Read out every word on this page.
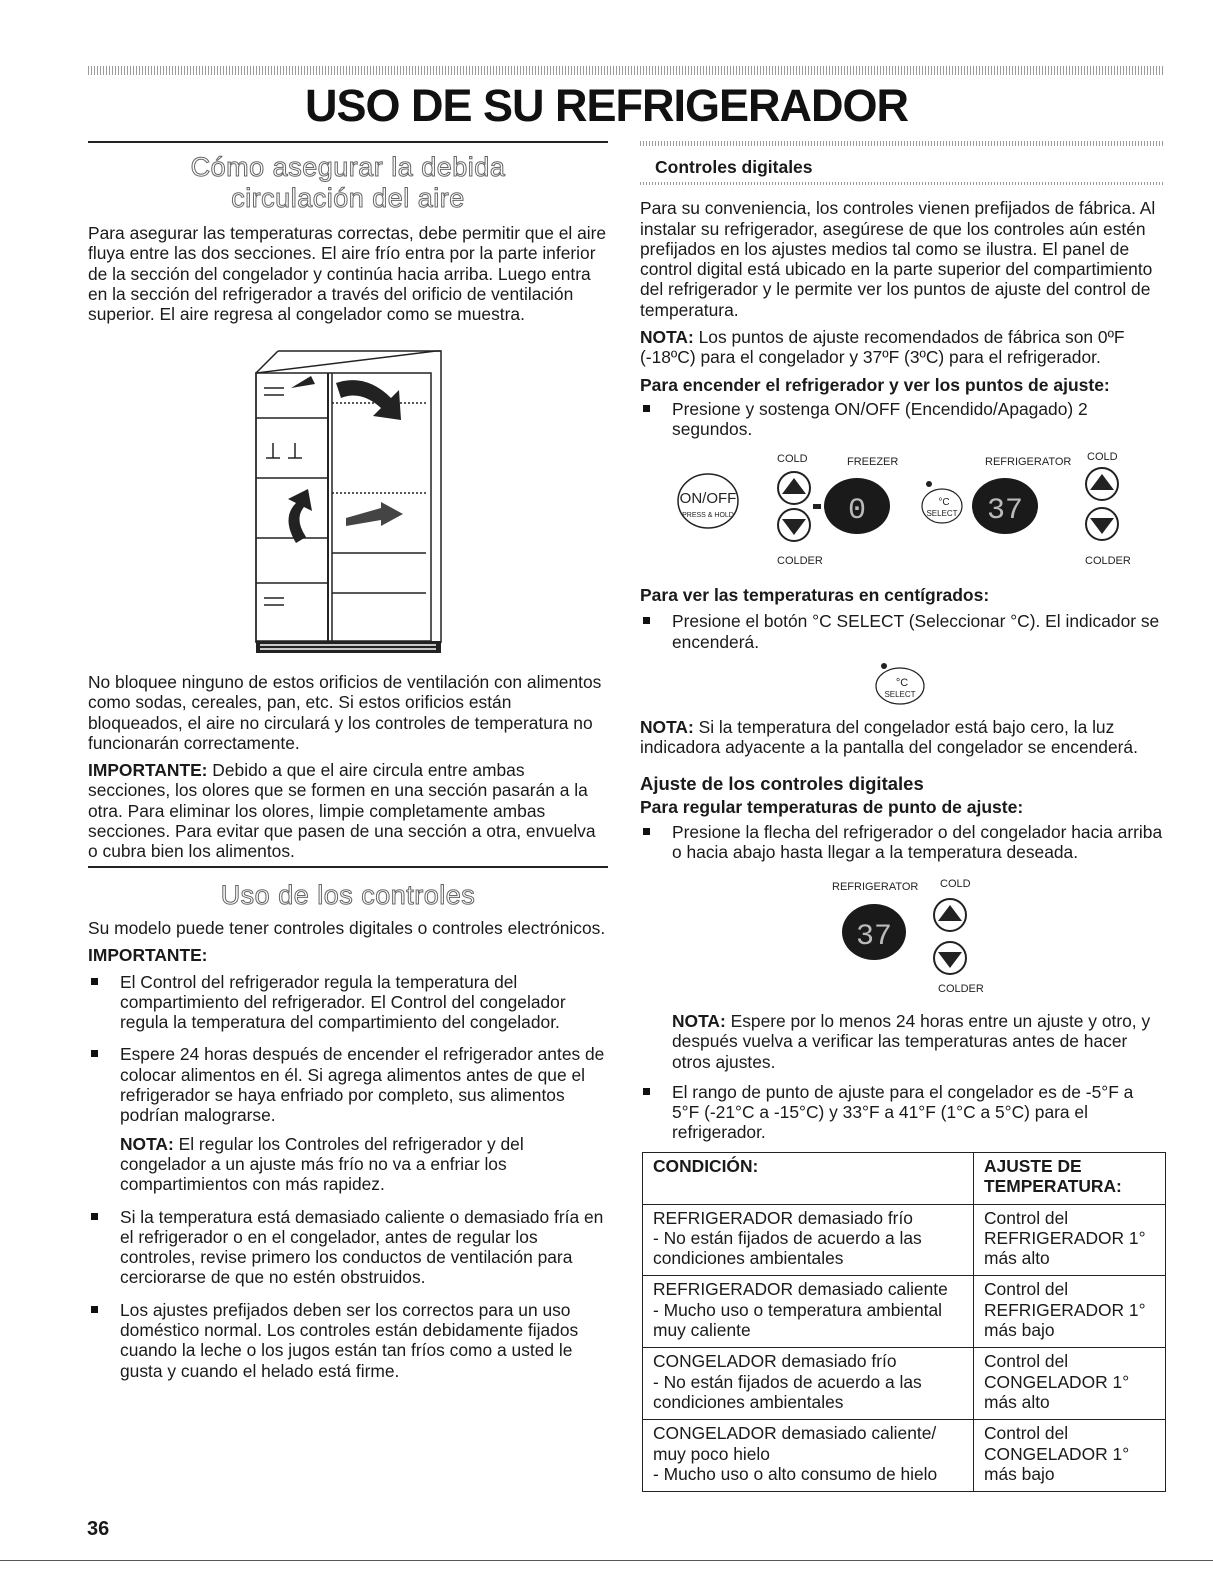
USO DE SU REFRIGERADOR
Cómo asegurar la debida circulación del aire

Para asegurar las temperaturas correctas, debe permitir que el aire fluya entre las dos secciones. El aire frío entra por la parte inferior de la sección del congelador y continúa hacia arriba. Luego entra en la sección del refrigerador a través del orificio de ventilación superior. El aire regresa al congelador como se muestra.

No bloquee ninguno de estos orificios de ventilación con alimentos como sodas, cereales, pan, etc. Si estos orificios están bloqueados, el aire no circulará y los controles de temperatura no funcionarán correctamente.

IMPORTANTE: Debido a que el aire circula entre ambas secciones, los olores que se formen en una sección pasarán a la otra. Para eliminar los olores, limpie completamente ambas secciones. Para evitar que pasen de una sección a otra, envuelva o cubra bien los alimentos.

Uso de los controles

Su modelo puede tener controles digitales o controles electrónicos.

IMPORTANTE:

El Control del refrigerador regula la temperatura del compartimiento del refrigerador. El Control del congelador regula la temperatura del compartimiento del congelador.
Espere 24 horas después de encender el refrigerador antes de colocar alimentos en él. Si agrega alimentos antes de que el refrigerador se haya enfriado por completo, sus alimentos podrían malograrse.

NOTA: El regular los Controles del refrigerador y del congelador a un ajuste más frío no va a enfriar los compartimientos con más rapidez.

Si la temperatura está demasiado caliente o demasiado fría en el refrigerador o en el congelador, antes de regular los controles, revise primero los conductos de ventilación para cerciorarse de que no estén obstruidos.
Los ajustes prefijados deben ser los correctos para un uso doméstico normal. Los controles están debidamente fijados cuando la leche o los jugos están tan fríos como a usted le gusta y cuando el helado está firme.
Controles digitales

Para su conveniencia, los controles vienen prefijados de fábrica. Al instalar su refrigerador, asegúrese de que los controles aún estén prefijados en los ajustes medios tal como se ilustra. El panel de control digital está ubicado en la parte superior del compartimiento del refrigerador y le permite ver los puntos de ajuste del control de temperatura.

NOTA: Los puntos de ajuste recomendados de fábrica son 0ºF (-18ºC) para el congelador y 37ºF (3ºC) para el refrigerador.

Para encender el refrigerador y ver los puntos de ajuste:

Presione y sostenga ON/OFF (Encendido/Apagado) 2 segundos.
COLD	FREEZER	REFRIGERATOR COLD
ON/OFF
PRESS & HOLD	0	°C
SELECT 37
COLDER	COLDER

Para ver las temperaturas en centígrados:

Presione el botón °C SELECT (Seleccionar °C). El indicador se encenderá.
°C
SELECT

NOTA: Si la temperatura del congelador está bajo cero, la luz indicadora adyacente a la pantalla del congelador se encenderá.

Ajuste de los controles digitales

Para regular temperaturas de punto de ajuste:

Presione la flecha del refrigerador o del congelador hacia arriba o hacia abajo hasta llegar a la temperatura deseada.
REFRIGERATOR COLD
37
COLDER

NOTA: Espere por lo menos 24 horas entre un ajuste y otro, y después vuelva a verificar las temperaturas antes de hacer otros ajustes.

El rango de punto de ajuste para el congelador es de -5°F a 5°F (-21°C a -15°C) y 33°F a 41°F (1°C a 5°C) para el refrigerador.
CONDICIÓN:	AJUSTE DE TEMPERATURA:

REFRIGERADOR demasiado frío
- No están fijados de acuerdo a las condiciones ambientales	Control del REFRIGERADOR 1° más alto

REFRIGERADOR demasiado caliente
- Mucho uso o temperatura ambiental muy caliente	Control del REFRIGERADOR 1° más bajo

CONGELADOR demasiado frío
- No están fijados de acuerdo a las condiciones ambientales	Control del CONGELADOR 1° más alto

CONGELADOR demasiado caliente/ muy poco hielo
- Mucho uso o alto consumo de hielo	Control del CONGELADOR 1° más bajo
36
